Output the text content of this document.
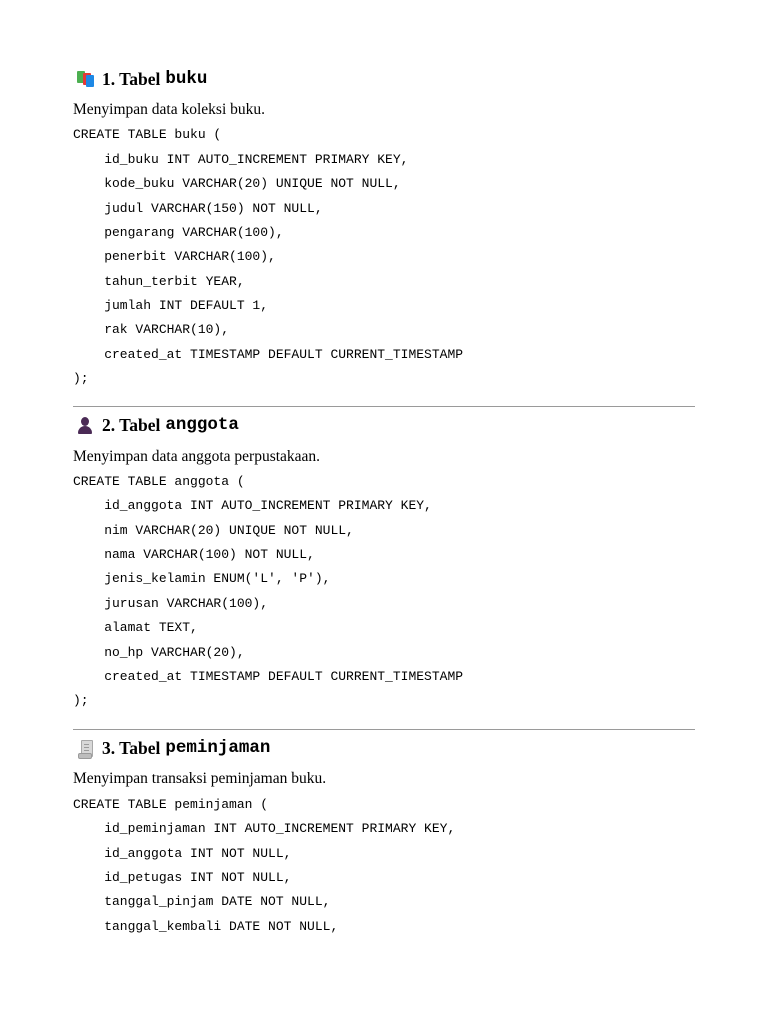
1. Tabel buku
Menyimpan data koleksi buku.
CREATE TABLE buku (
id_buku INT AUTO_INCREMENT PRIMARY KEY,
kode_buku VARCHAR(20) UNIQUE NOT NULL,
judul VARCHAR(150) NOT NULL,
pengarang VARCHAR(100),
penerbit VARCHAR(100),
tahun_terbit YEAR,
jumlah INT DEFAULT 1,
rak VARCHAR(10),
created_at TIMESTAMP DEFAULT CURRENT_TIMESTAMP
);
2. Tabel anggota
Menyimpan data anggota perpustakaan.
CREATE TABLE anggota (
id_anggota INT AUTO_INCREMENT PRIMARY KEY,
nim VARCHAR(20) UNIQUE NOT NULL,
nama VARCHAR(100) NOT NULL,
jenis_kelamin ENUM('L', 'P'),
jurusan VARCHAR(100),
alamat TEXT,
no_hp VARCHAR(20),
created_at TIMESTAMP DEFAULT CURRENT_TIMESTAMP
);
3. Tabel peminjaman
Menyimpan transaksi peminjaman buku.
CREATE TABLE peminjaman (
id_peminjaman INT AUTO_INCREMENT PRIMARY KEY,
id_anggota INT NOT NULL,
id_petugas INT NOT NULL,
tanggal_pinjam DATE NOT NULL,
tanggal_kembali DATE NOT NULL,
